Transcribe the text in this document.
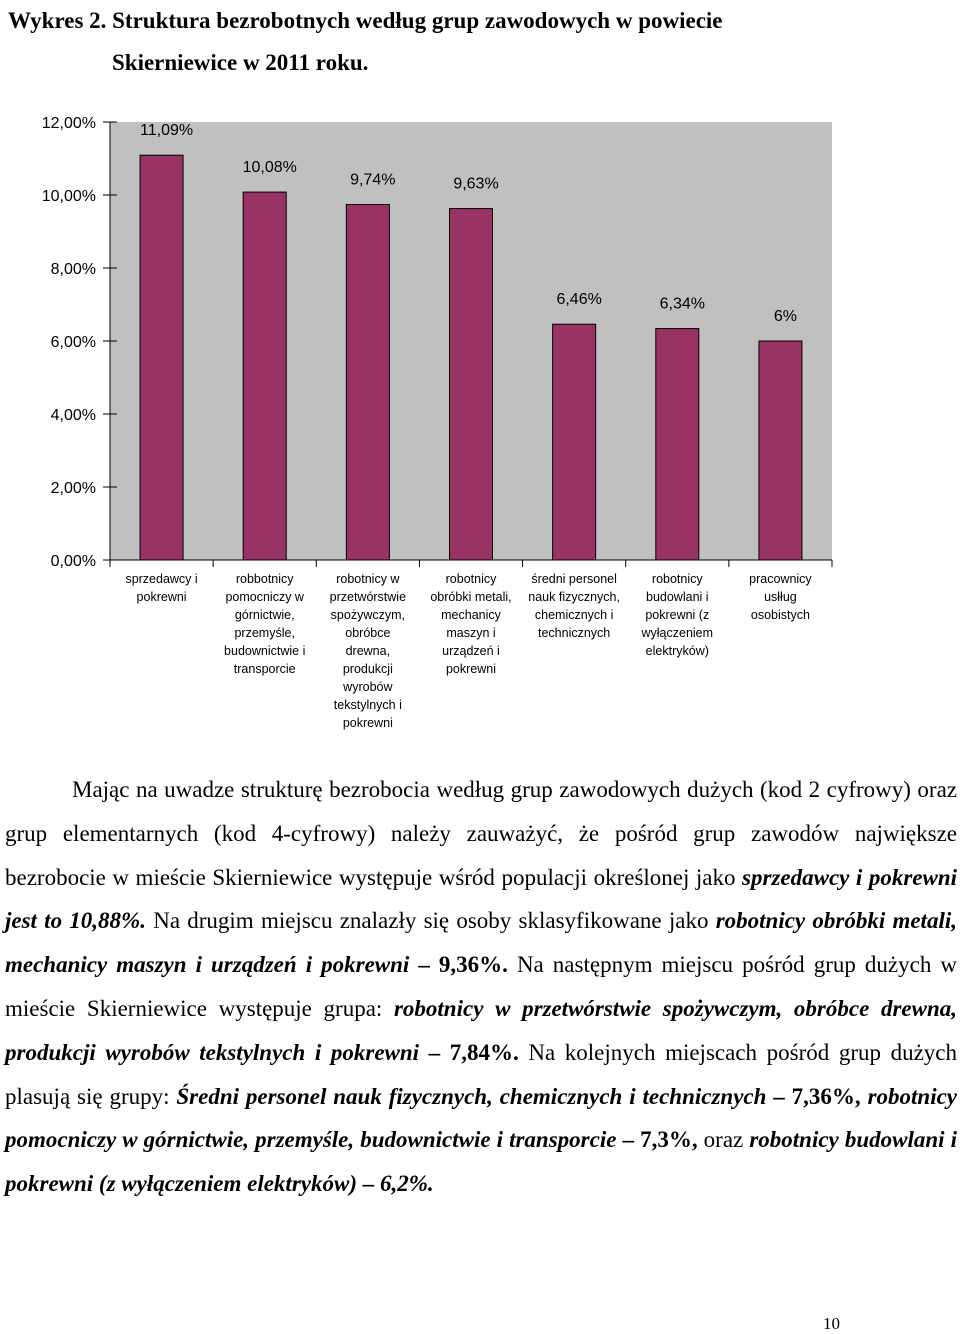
Wykres 2. Struktura bezrobotnych według grup zawodowych w powiecie
Skierniewice w 2011 roku.
0,00%
2,00%
4,00%
6,00%
8,00%
10,00%
12,00%	11,09%
10,08%
9,74%	9,63%
6,46%	6,34%
6%
sprzedawcy i
pokrewni
robbotnicy
pomocniczy w
górnictwie,
przemyśle,
budownictwie i
transporcie
robotnicy w
przetwórstwie
spożywczym,
obróbce
drewna,
produkcji
wyrobów
tekstylnych i
pokrewni
robotnicy
obróbki metali,
mechanicy
maszyn i
urządzeń i
pokrewni
średni personel
nauk fizycznych,
chemicznych i
technicznych
robotnicy
budowlani i
pokrewni (z
wyłączeniem
elektryków)
pracownicy
usłług
osobistych

Mając na uwadze strukturę bezrobocia według grup zawodowych dużych (kod 2 cyfrowy) oraz grup elementarnych (kod 4-cyfrowy) należy zauważyć, że pośród grup zawodów największe bezrobocie w mieście Skierniewice występuje wśród populacji określonej jako sprzedawcy i pokrewni jest to 10,88%. Na drugim miejscu znalazły się osoby sklasyfikowane jako robotnicy obróbki metali, mechanicy maszyn i urządzeń i pokrewni – 9,36%. Na następnym miejscu pośród grup dużych w mieście Skierniewice występuje grupa: robotnicy w przetwórstwie spożywczym, obróbce drewna, produkcji wyrobów tekstylnych i pokrewni – 7,84%. Na kolejnych miejscach pośród grup dużych plasują się grupy: Średni personel nauk fizycznych, chemicznych i technicznych – 7,36%, robotnicy pomocniczy w górnictwie, przemyśle, budownictwie i transporcie – 7,3%, oraz robotnicy budowlani i pokrewni (z wyłączeniem elektryków) – 6,2%.

10
